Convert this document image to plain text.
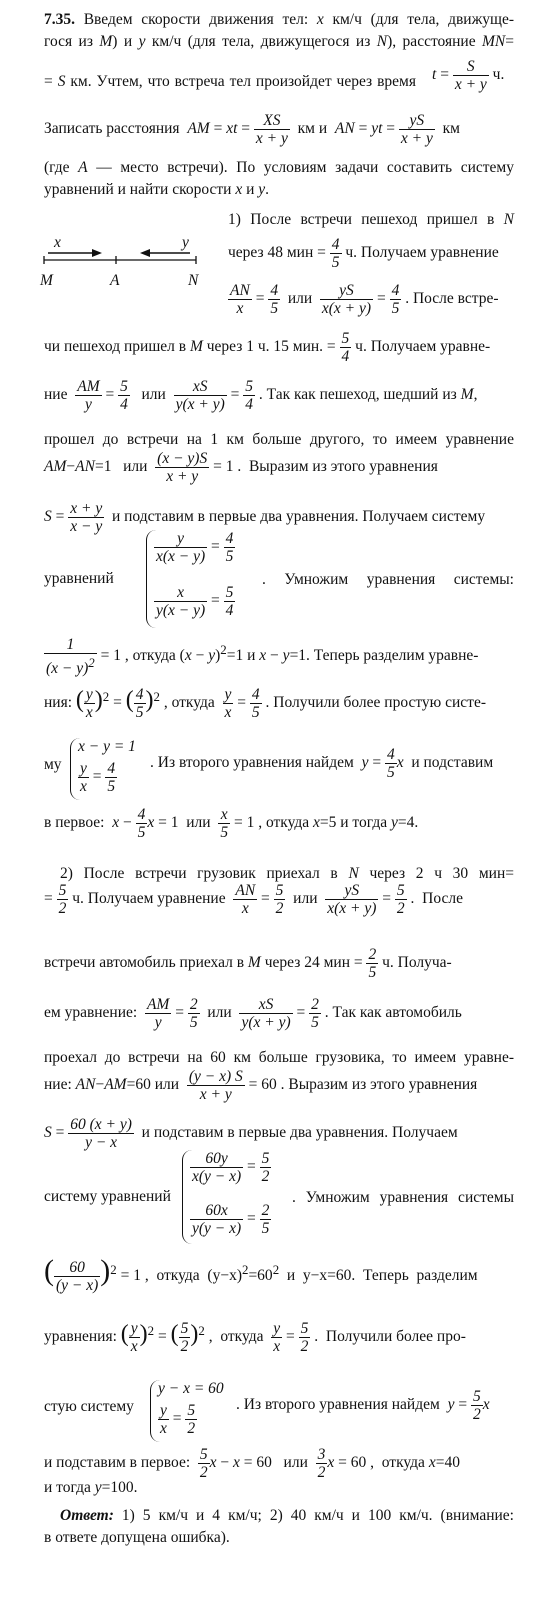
7.35. Введем скорости движения тел: x км/ч (для тела, движуще-
гося из M) и y км/ч (для тела, движущегося из N), расстояние MN=
= S км. Учтем, что встреча тел произойдет через время $t = \frac{S}{x + y} ч$.
Записать расстояния  AM = xt = $\frac{XS}{x + y}$ км и  AN = yt = $\frac{yS}{x + y}$ км
(где A — место встречи). По условиям задачи составить систему
уравнений и найти скорости x и y.
x	y
M	A	N
1) После встречи пешеход пришел в N
через 48 мин = $\frac{4}{5} ч$. Получаем уравнение
$\frac{AN}{x} = \frac{4}{5}$ или $\frac{yS}{x(x + y)} = \frac{4}{5}$ . После встре-
чи пешеход пришел в M через 1 ч. 15 мин. = $\frac{5}{4} ч$. Получаем уравне-
ние $\frac{AM}{y} = \frac{5}{4}$ или $\frac{xS}{y(x + y)} = \frac{5}{4}$ . Так как пешеход, шедший из M,
прошел до встречи на 1 км больше другого, то имеем уравнение
AM−AN=1   или $\frac{(x - y)S}{x + y} = 1$ .  Выразим из этого уравнения
$S = \frac{x + y}{x - y}$ и подставим в первые два уравнения. Получаем систему
уравнений
$\frac{y}{x(x - y)} = \frac{4}{5}$
$\frac{x}{y(x - y)} = \frac{5}{4}$
.  Умножим  уравнения  системы:
$\frac{1}{(x - y)^2} = 1$ , откуда $(x - y)^2=1$ и x − y=1. Теперь разделим уравне-
ния: ( $\frac{y}{x} )^2$ = ( $\frac{4}{5} )^2$ , откуда $\frac{y}{x} = \frac{4}{5}$ . Получили более простую систе-
му
x − y = 1
$\frac{y}{x} = \frac{4}{5}$ . Из второго уравнения найдем  $y = \frac{4}{5}$ x  и подставим
в первое:  $x - \frac{4}{5}$ x = 1  или $\frac{x}{5} = 1$ , откуда x=5 и тогда y=4.
2) После встречи грузовик приехал в N через 2 ч 30 мин=
= $\frac{5}{2} ч$. Получаем уравнение $\frac{AN}{x} = \frac{5}{2}$ или $\frac{yS}{x(x + y)} = \frac{5}{2}$ .  После
встречи автомобиль приехал в M через 24 мин = $\frac{2}{5} ч$. Получа-
ем уравнение: $\frac{AM}{y} = \frac{2}{5}$ или $\frac{xS}{y(x + y)} = \frac{2}{5}$ . Так как автомобиль
проехал до встречи на 60 км больше грузовика, то имеем уравне-
ние: AN−AM=60 или $\frac{(y - x) S}{x + y} = 60$ . Выразим из этого уравнения
$S = \frac{60 (x + y)}{y - x}$ и подставим в первые два уравнения. Получаем
систему уравнений
$\frac{60y}{x(y - x)} = \frac{5}{2}$
$\frac{60x}{y(y - x)} = \frac{2}{5}$
. Умножим уравнения системы
( $\frac{60}{(y - x)} )^2 = 1$ ,  откуда  $(y-x)^2=60^2$  и  y−x=60.  Теперь  разделим
уравнения: ( $\frac{y}{x} )^2$ = ( $\frac{5}{2} )^2$ ,  откуда $\frac{y}{x} = \frac{5}{2}$ .  Получили более про-
стую систему
y − x = 60
$\frac{y}{x} = \frac{5}{2}$	. Из второго уравнения найдем  $y = \frac{5}{2}$ x
и подставим в первое: $\frac{5}{2}$ x − x = 60   или $\frac{3}{2}$ x = 60 ,  откуда x=40
и тогда y=100.
Ответ: 1) 5 км/ч и 4 км/ч; 2) 40 км/ч и 100 км/ч. (внимание:
в ответе допущена ошибка).
